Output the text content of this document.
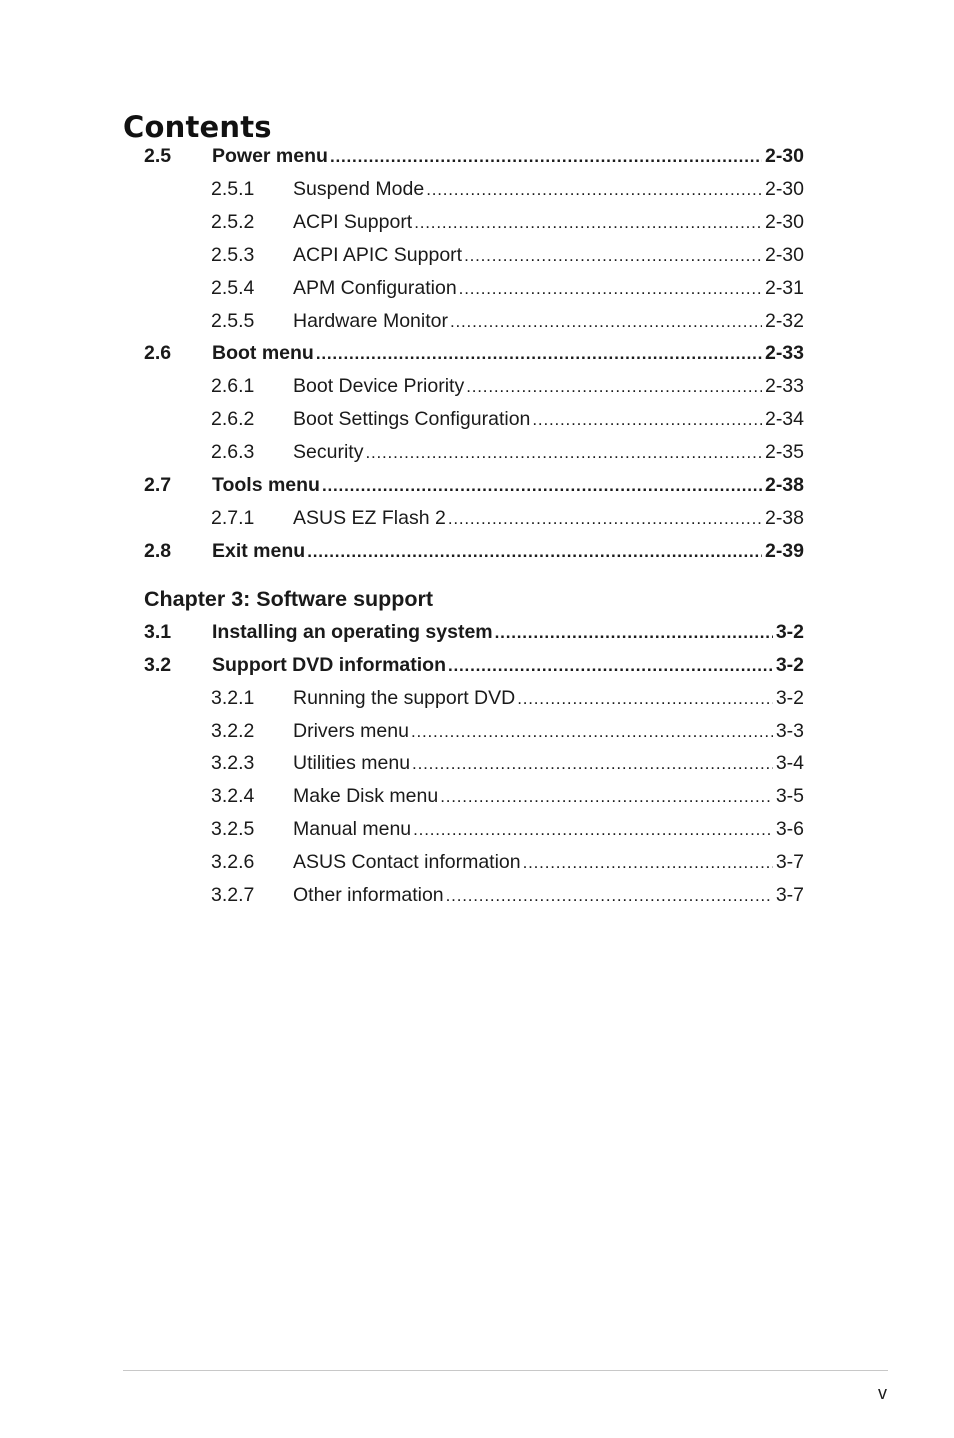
Contents
2.5 Power menu .....	2-30
2.5.1 Suspend Mode .....	2-30
2.5.2 ACPI Support .....	2-30
2.5.3 ACPI APIC Support .....	2-30
2.5.4 APM Configuration .....	2-31
2.5.5 Hardware Monitor .....	2-32
2.6 Boot menu .....	2-33
2.6.1 Boot Device Priority .....	2-33
2.6.2 Boot Settings Configuration .....	2-34
2.6.3 Security .....	2-35
2.7 Tools menu .....	2-38
2.7.1 ASUS EZ Flash 2 .....	2-38
2.8 Exit menu .....	2-39
Chapter 3: Software support
3.1 Installing an operating system .....	3-2
3.2 Support DVD information .....	3-2
3.2.1 Running the support DVD .....	3-2
3.2.2 Drivers menu .....	3-3
3.2.3 Utilities menu .....	3-4
3.2.4 Make Disk menu .....	3-5
3.2.5 Manual menu .....	3-6
3.2.6 ASUS Contact information .....	3-7
3.2.7 Other information .....	3-7
v
